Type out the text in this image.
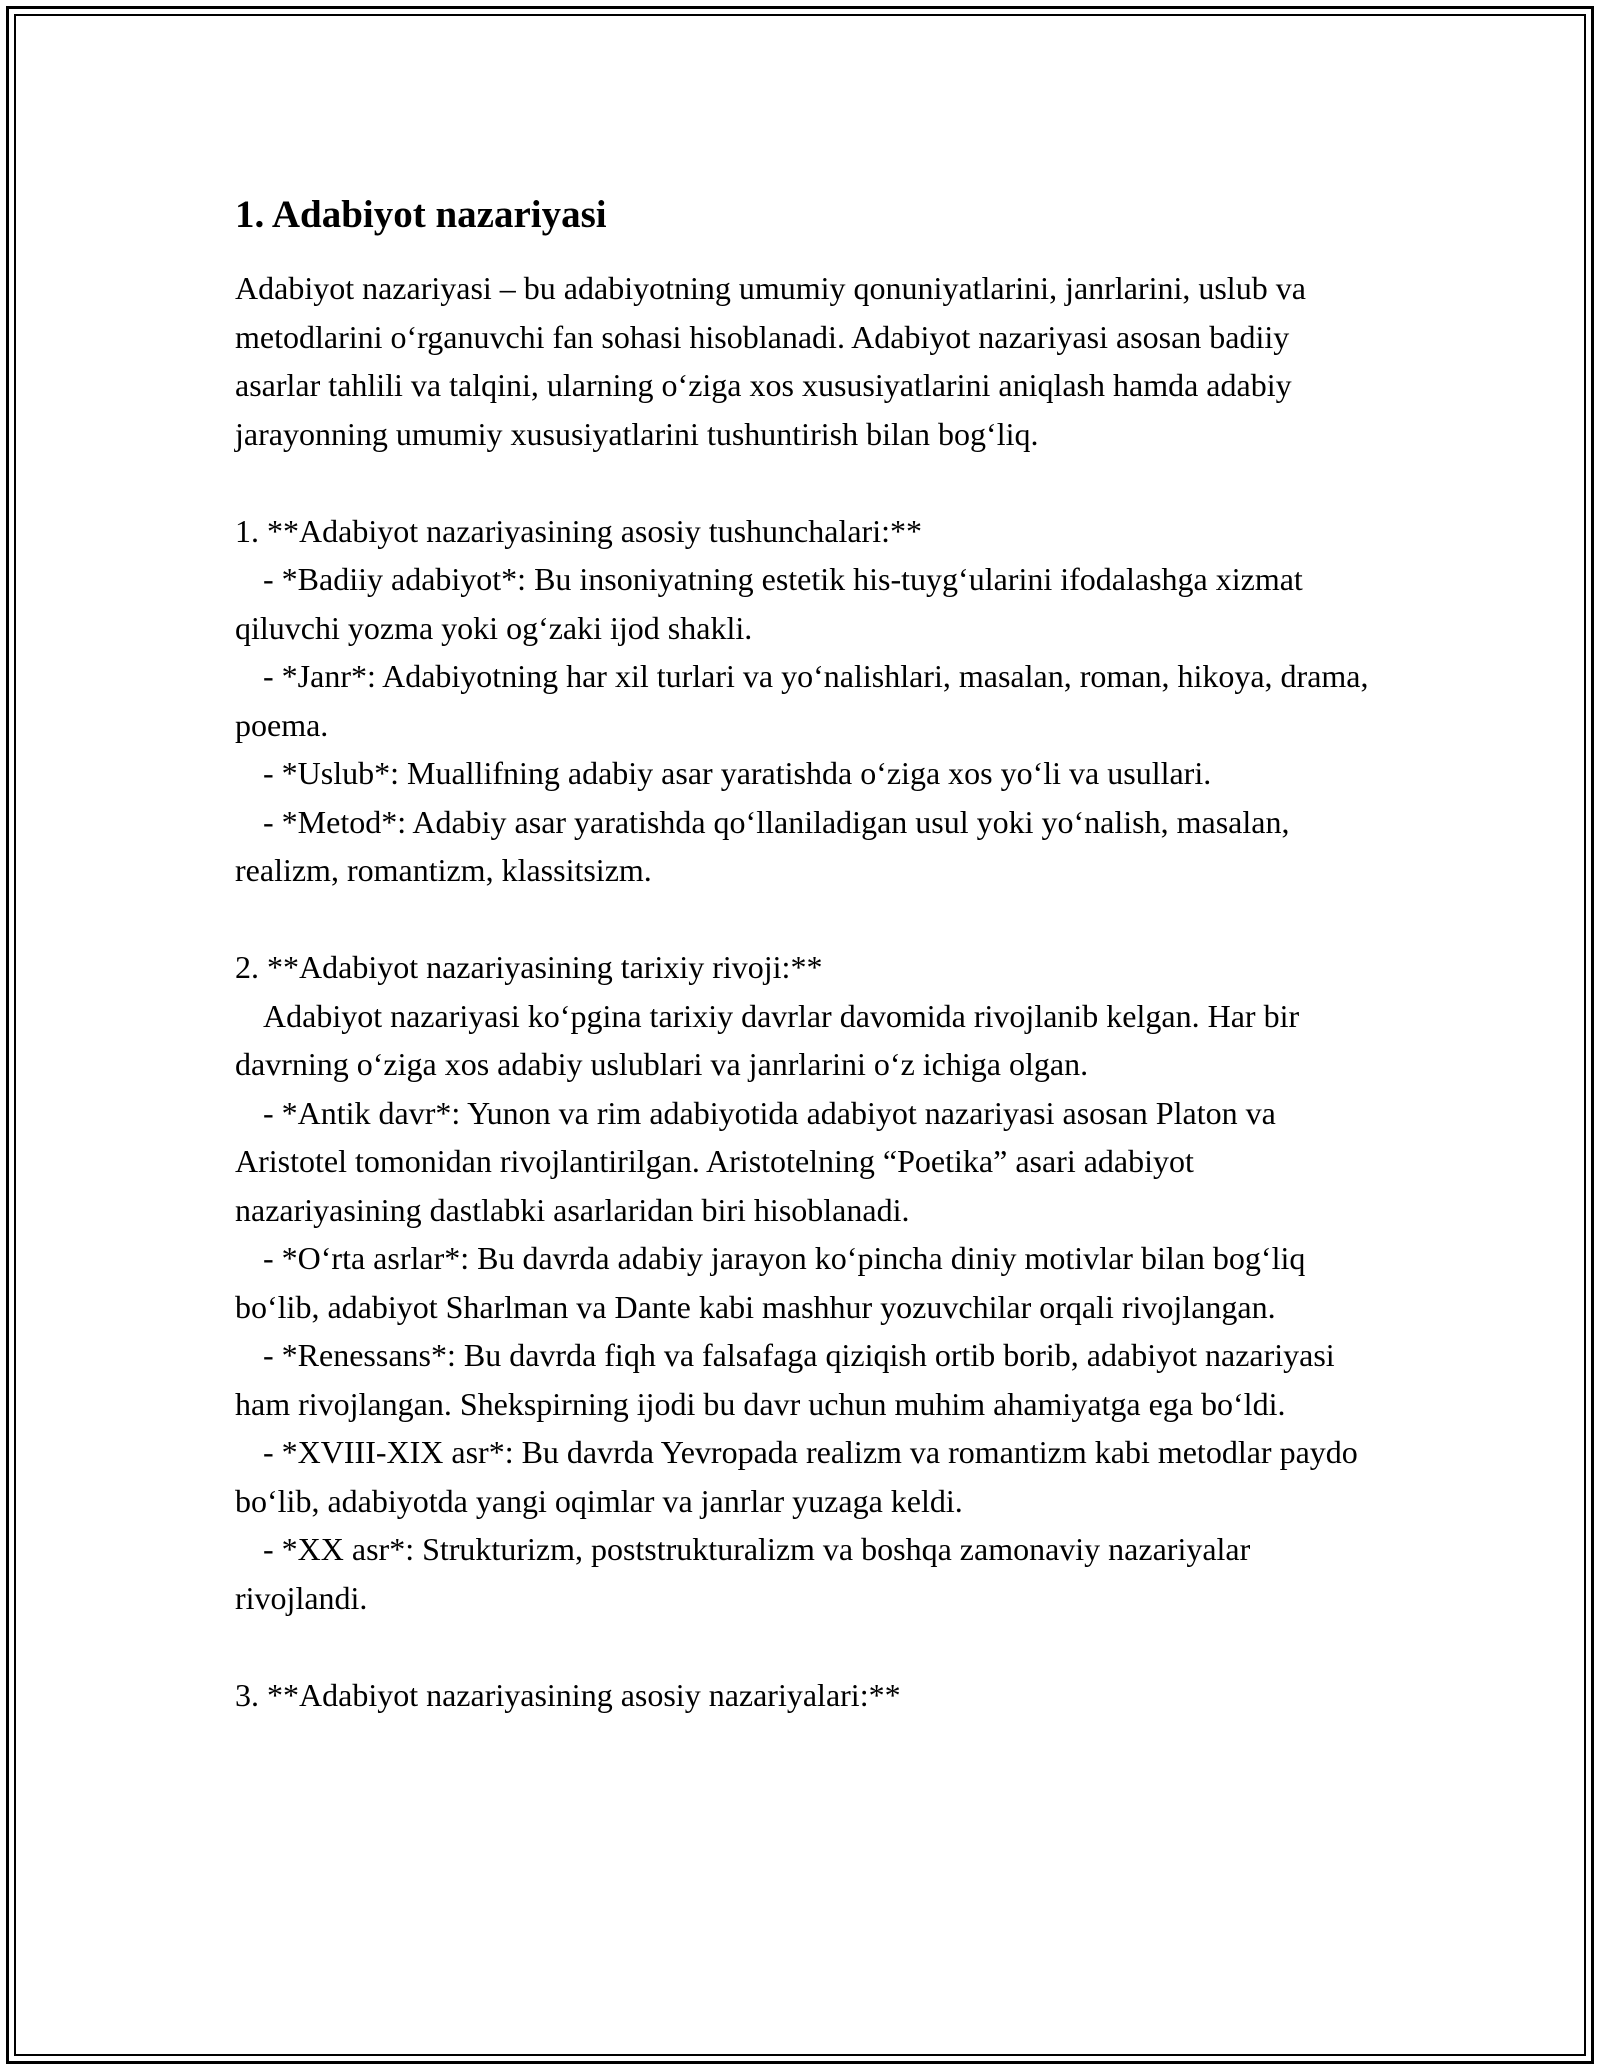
1. Adabiyot nazariyasi

Adabiyot nazariyasi – bu adabiyotning umumiy qonuniyatlarini, janrlarini, uslub va metodlarini oʻrganuvchi fan sohasi hisoblanadi. Adabiyot nazariyasi asosan badiiy asarlar tahlili va talqini, ularning oʻziga xos xususiyatlarini aniqlash hamda adabiy jarayonning umumiy xususiyatlarini tushuntirish bilan bogʻliq.

1. **Adabiyot nazariyasining asosiy tushunchalari:**

- *Badiiy adabiyot*: Bu insoniyatning estetik his-tuygʻularini ifodalashga xizmat qiluvchi yozma yoki ogʻzaki ijod shakli.

- *Janr*: Adabiyotning har xil turlari va yoʻnalishlari, masalan, roman, hikoya, drama, poema.

- *Uslub*: Muallifning adabiy asar yaratishda oʻziga xos yoʻli va usullari.

- *Metod*: Adabiy asar yaratishda qoʻllaniladigan usul yoki yoʻnalish, masalan, realizm, romantizm, klassitsizm.

2. **Adabiyot nazariyasining tarixiy rivoji:**

Adabiyot nazariyasi koʻpgina tarixiy davrlar davomida rivojlanib kelgan. Har bir davrning oʻziga xos adabiy uslublari va janrlarini oʻz ichiga olgan.

- *Antik davr*: Yunon va rim adabiyotida adabiyot nazariyasi asosan Platon va Aristotel tomonidan rivojlantirilgan. Aristotelning “Poetika” asari adabiyot nazariyasining dastlabki asarlaridan biri hisoblanadi.

- *Oʻrta asrlar*: Bu davrda adabiy jarayon koʻpincha diniy motivlar bilan bogʻliq boʻlib, adabiyot Sharlman va Dante kabi mashhur yozuvchilar orqali rivojlangan.

- *Renessans*: Bu davrda fiqh va falsafaga qiziqish ortib borib, adabiyot nazariyasi ham rivojlangan. Shekspirning ijodi bu davr uchun muhim ahamiyatga ega boʻldi.

- *XVIII-XIX asr*: Bu davrda Yevropada realizm va romantizm kabi metodlar paydo boʻlib, adabiyotda yangi oqimlar va janrlar yuzaga keldi.

- *XX asr*: Strukturizm, poststrukturalizm va boshqa zamonaviy nazariyalar rivojlandi.

3. **Adabiyot nazariyasining asosiy nazariyalari:**
